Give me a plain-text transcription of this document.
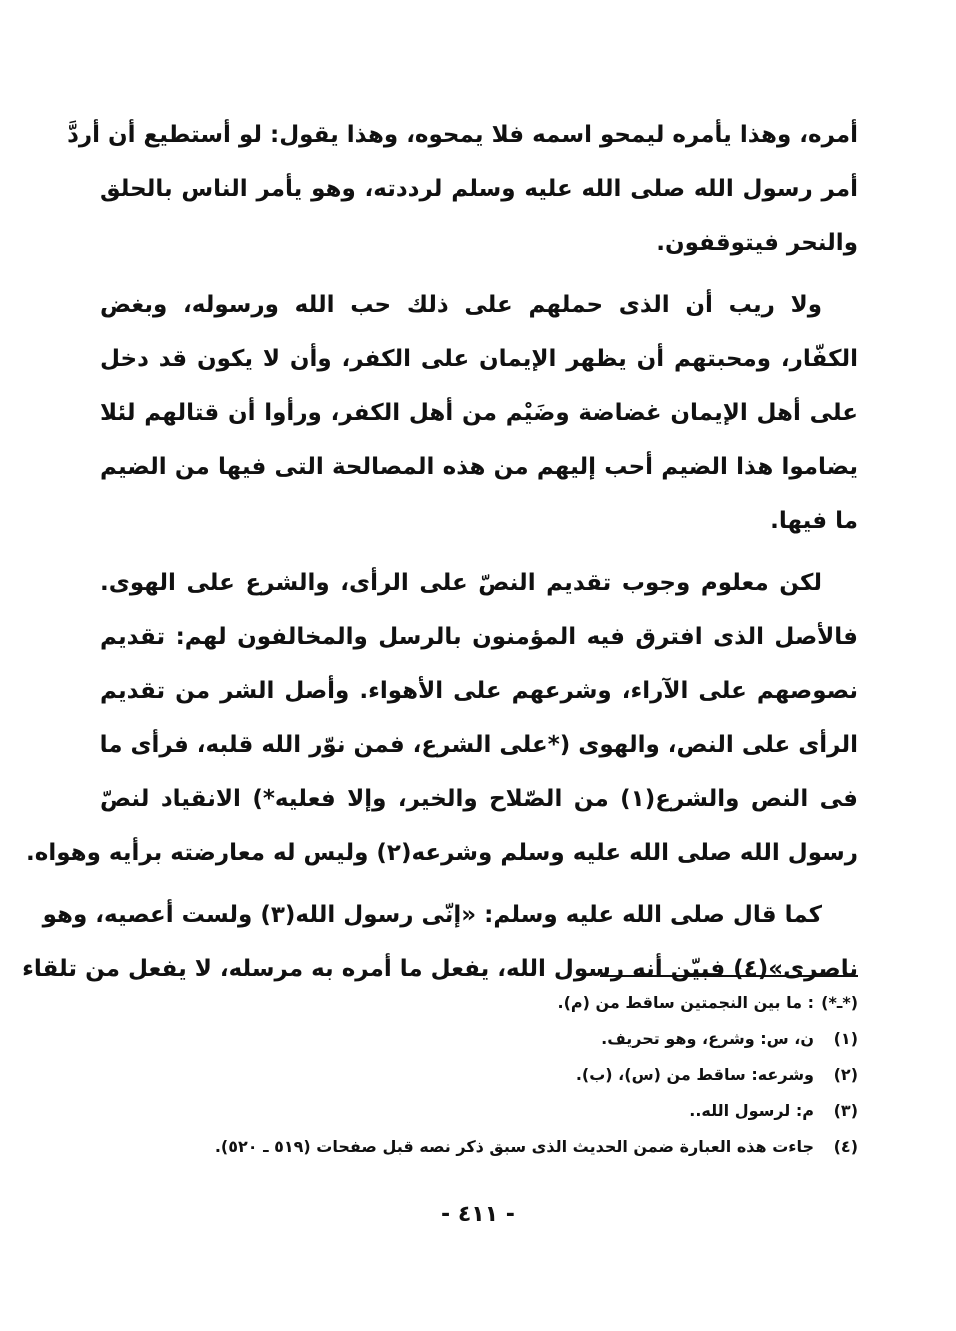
أمره، وهذا يأمره ليمحو اسمه فلا يمحوه، وهذا يقول: لو أستطيع أن أردَّ
أمر رسول الله صلى الله عليه وسلم لرددته، وهو يأمر الناس بالحلق
والنحر فيتوقفون.
ولا ريب أن الذى حملهم على ذلك حب الله ورسوله، وبغض
الكفّار، ومحبتهم أن يظهر الإيمان على الكفر، وأن لا يكون قد دخل
على أهل الإيمان غضاضة وضَيْم من أهل الكفر، ورأوا أن قتالهم لئلا
يضاموا هذا الضيم أحب إليهم من هذه المصالحة التى فيها من الضيم
ما فيها.
لكن معلوم وجوب تقديم النصّ على الرأى، والشرع على الهوى.
فالأصل الذى افترق فيه المؤمنون بالرسل والمخالفون لهم: تقديم
نصوصهم على الآراء، وشرعهم على الأهواء. وأصل الشر من تقديم
الرأى على النص، والهوى (*على الشرع، فمن نوّر الله قلبه، فرأى ما
فى النص والشرع(١) من الصّلاح والخير، وإلا فعليه*) الانقياد لنصّ
رسول الله صلى الله عليه وسلم وشرعه(٢) وليس له معارضته برأيه وهواه.
كما قال صلى الله عليه وسلم: «إنّى رسول الله(٣) ولست أعصيه، وهو
ناصرى»(٤) فبيّن أنه رسول الله، يفعل ما أمره به مرسله، لا يفعل من تلقاء
(*ـ*)
: ما بين النجمتين ساقط من (م).
(١)
ن، س: وشرع، وهو تحريف.
(٢)
وشرعه: ساقط من (س)، (ب).
(٣)
م: لرسول الله..
(٤)
جاءت هذه العبارة ضمن الحديث الذى سبق ذكر نصه قبل صفحات (٥١٩ ـ ٥٢٠).
- ٤١١ -
